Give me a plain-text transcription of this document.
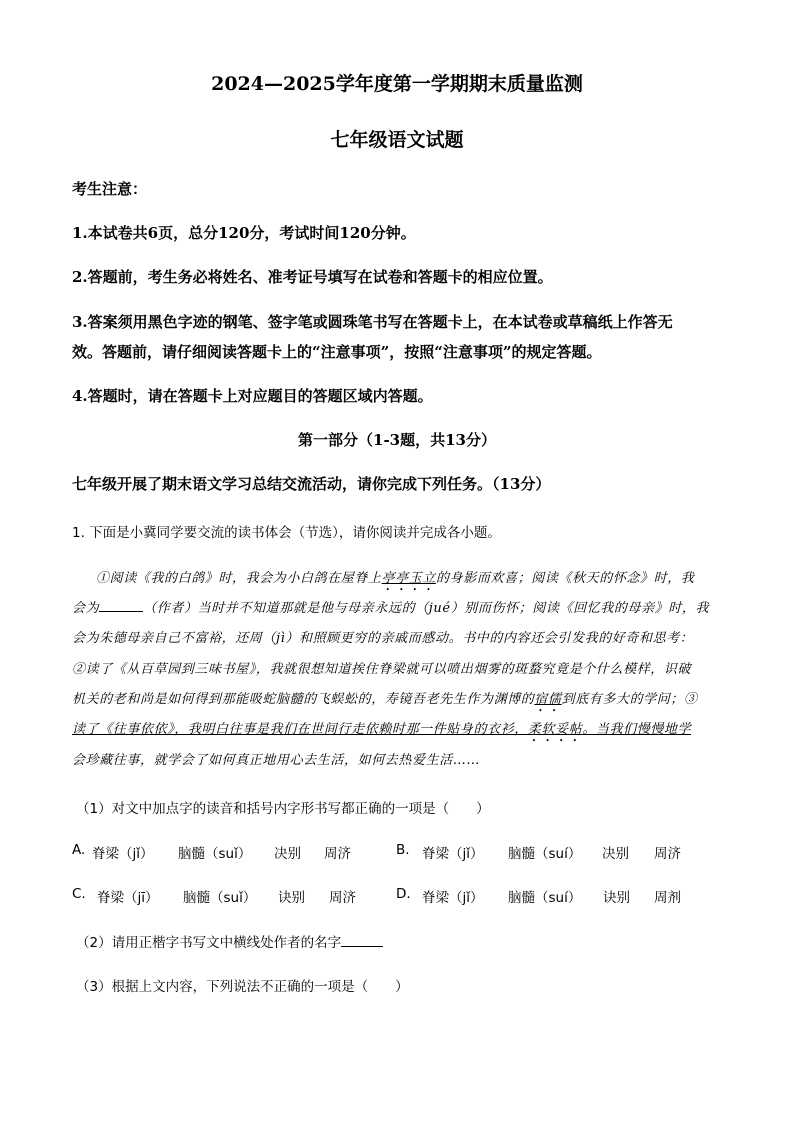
2024—2025学年度第一学期期末质量监测
七年级语文试题
考生注意：
1.本试卷共6页，总分120分，考试时间120分钟。
2.答题前，考生务必将姓名、准考证号填写在试卷和答题卡的相应位置。
3.答案须用黑色字迹的钢笔、签字笔或圆珠笔书写在答题卡上，在本试卷或草稿纸上作答无
效。答题前，请仔细阅读答题卡上的“注意事项”，按照“注意事项”的规定答题。
4.答题时，请在答题卡上对应题目的答题区域内答题。
第一部分（1-3题，共13分）
七年级开展了期末语文学习总结交流活动，请你完成下列任务。（13分）
1. 下面是小冀同学要交流的读书体会（节选），请你阅读并完成各小题。
①阅读《我的白鸽》时，我会为小白鸽在屋脊上亭亭玉立的身影而欢喜；阅读《秋天的怀念》时，我
会为	（作者）当时并不知道那就是他与母亲永远的（jué）别而伤怀；阅读《回忆我的母亲》时，我
会为朱德母亲自己不富裕，还周（jì）和照顾更穷的亲戚而感动。书中的内容还会引发我的好奇和思考：
②读了《从百草园到三味书屋》，我就很想知道挨住脊梁就可以喷出烟雾的斑蝥究竟是个什么模样，识破
机关的老和尚是如何得到那能吸蛇脑髓的飞蜈蚣的，寿镜吾老先生作为渊博的宿儒到底有多大的学问；③
读了《往事依依》，我明白往事是我们在世间行走依赖时那一件贴身的衣衫，柔软妥帖。当我们慢慢地学
会珍藏往事，就学会了如何真正地用心去生活，如何去热爱生活……
（1）对文中加点字的读音和括号内字形书写都正确的一项是（　　）
A. 脊梁（jǐ） 脑髓（suǐ） 决别 周济	B. 脊梁（jǐ） 脑髓（suí） 决别 周济
C. 脊梁（jī） 脑髓（suǐ） 诀别 周济	D. 脊梁（jǐ） 脑髓（suí） 诀别 周剂
（2）请用正楷字书写文中横线处作者的名字
（3）根据上文内容，下列说法不正确的一项是（　　）
